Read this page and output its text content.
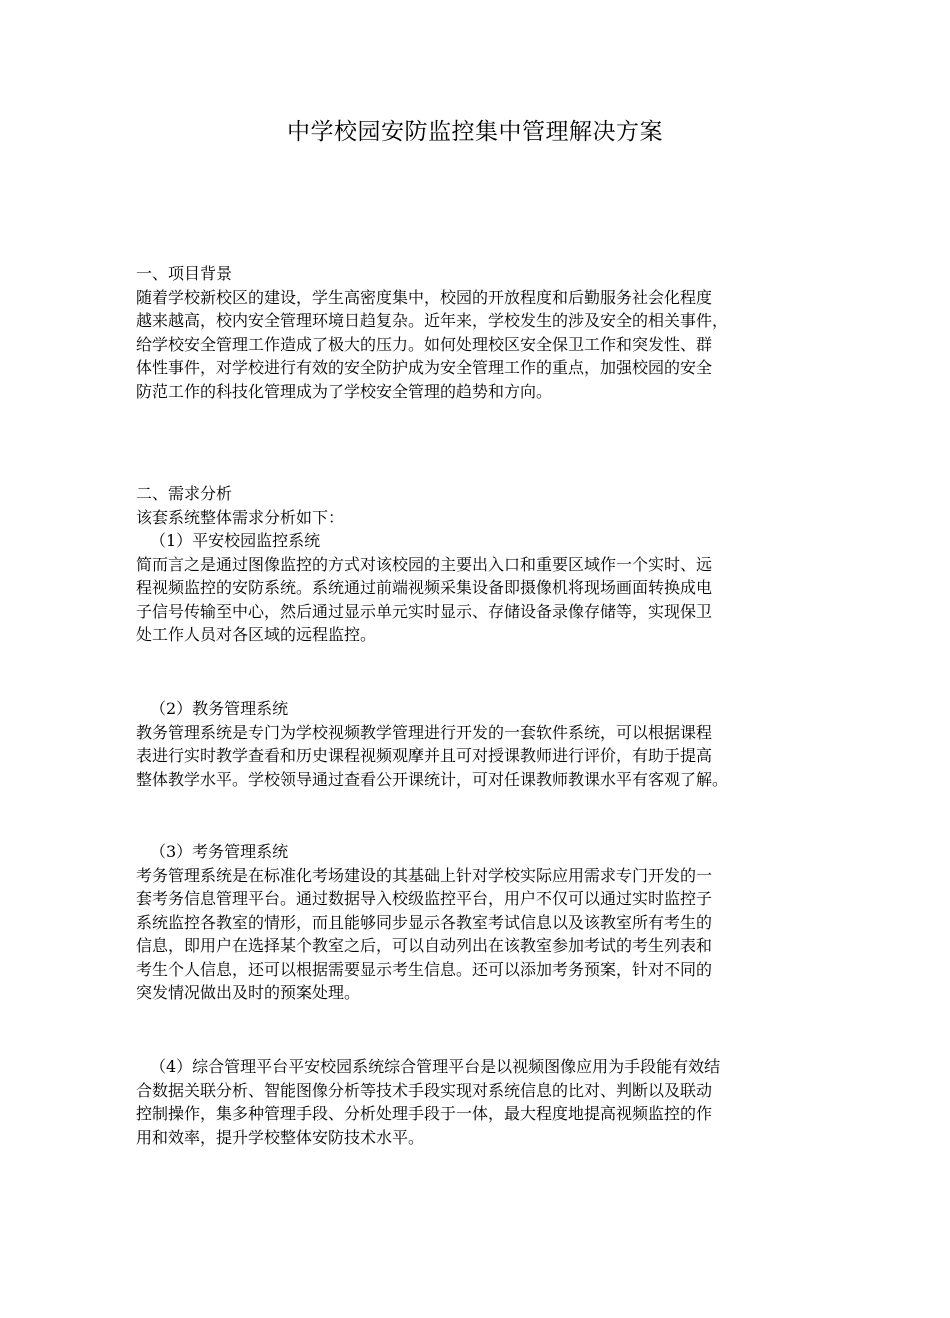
中学校园安防监控集中管理解决方案

一、项目背景

随着学校新校区的建设，学生高密度集中，校园的开放程度和后勤服务社会化程度

越来越高，校内安全管理环境日趋复杂。近年来，学校发生的涉及安全的相关事件，

给学校安全管理工作造成了极大的压力。如何处理校区安全保卫工作和突发性、群

体性事件，对学校进行有效的安全防护成为安全管理工作的重点，加强校园的安全

防范工作的科技化管理成为了学校安全管理的趋势和方向。

二、需求分析

该套系统整体需求分析如下：

（1）平安校园监控系统

简而言之是通过图像监控的方式对该校园的主要出入口和重要区域作一个实时、远

程视频监控的安防系统。系统通过前端视频采集设备即摄像机将现场画面转换成电

子信号传输至中心，然后通过显示单元实时显示、存储设备录像存储等，实现保卫

处工作人员对各区域的远程监控。

（2）教务管理系统

教务管理系统是专门为学校视频教学管理进行开发的一套软件系统，可以根据课程

表进行实时教学查看和历史课程视频观摩并且可对授课教师进行评价，有助于提高

整体教学水平。学校领导通过查看公开课统计，可对任课教师教课水平有客观了解。

（3）考务管理系统

考务管理系统是在标准化考场建设的其基础上针对学校实际应用需求专门开发的一

套考务信息管理平台。通过数据导入校级监控平台，用户不仅可以通过实时监控子

系统监控各教室的情形，而且能够同步显示各教室考试信息以及该教室所有考生的

信息，即用户在选择某个教室之后，可以自动列出在该教室参加考试的考生列表和

考生个人信息，还可以根据需要显示考生信息。还可以添加考务预案，针对不同的

突发情况做出及时的预案处理。

（4）综合管理平台平安校园系统综合管理平台是以视频图像应用为手段能有效结

合数据关联分析、智能图像分析等技术手段实现对系统信息的比对、判断以及联动

控制操作，集多种管理手段、分析处理手段于一体，最大程度地提高视频监控的作

用和效率，提升学校整体安防技术水平。
